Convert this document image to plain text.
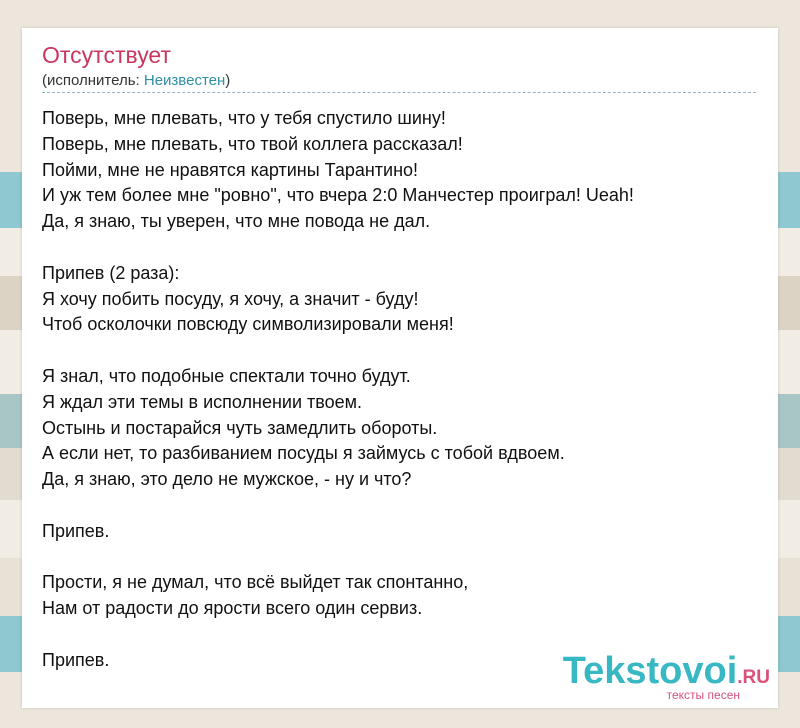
Отсутствует
(исполнитель: Неизвестен)
Поверь, мне плевать, что у тебя спустило шину!
Поверь, мне плевать, что твой коллега рассказал!
Пойми, мне не нравятся картины Тарантино!
И уж тем более мне "ровно", что вчера 2:0 Манчестер проиграл! Ueah!
Да, я знаю, ты уверен, что мне повода не дал.
Припев (2 раза):
Я хочу побить посуду, я хочу, а значит - буду!
Чтоб осколочки повсюду символизировали меня!
Я знал, что подобные спектали точно будут.
Я ждал эти темы в исполнении твоем.
Остынь и постарайся чуть замедлить обороты.
А если нет, то разбиванием посуды я займусь с тобой вдвоем.
Да, я знаю, это дело не мужское, - ну и что?
Припев.
Прости, я не думал, что всё выйдет так спонтанно,
Нам от радости до ярости всего один сервиз.
Припев.	Tekstovoi.RU
тексты песен
